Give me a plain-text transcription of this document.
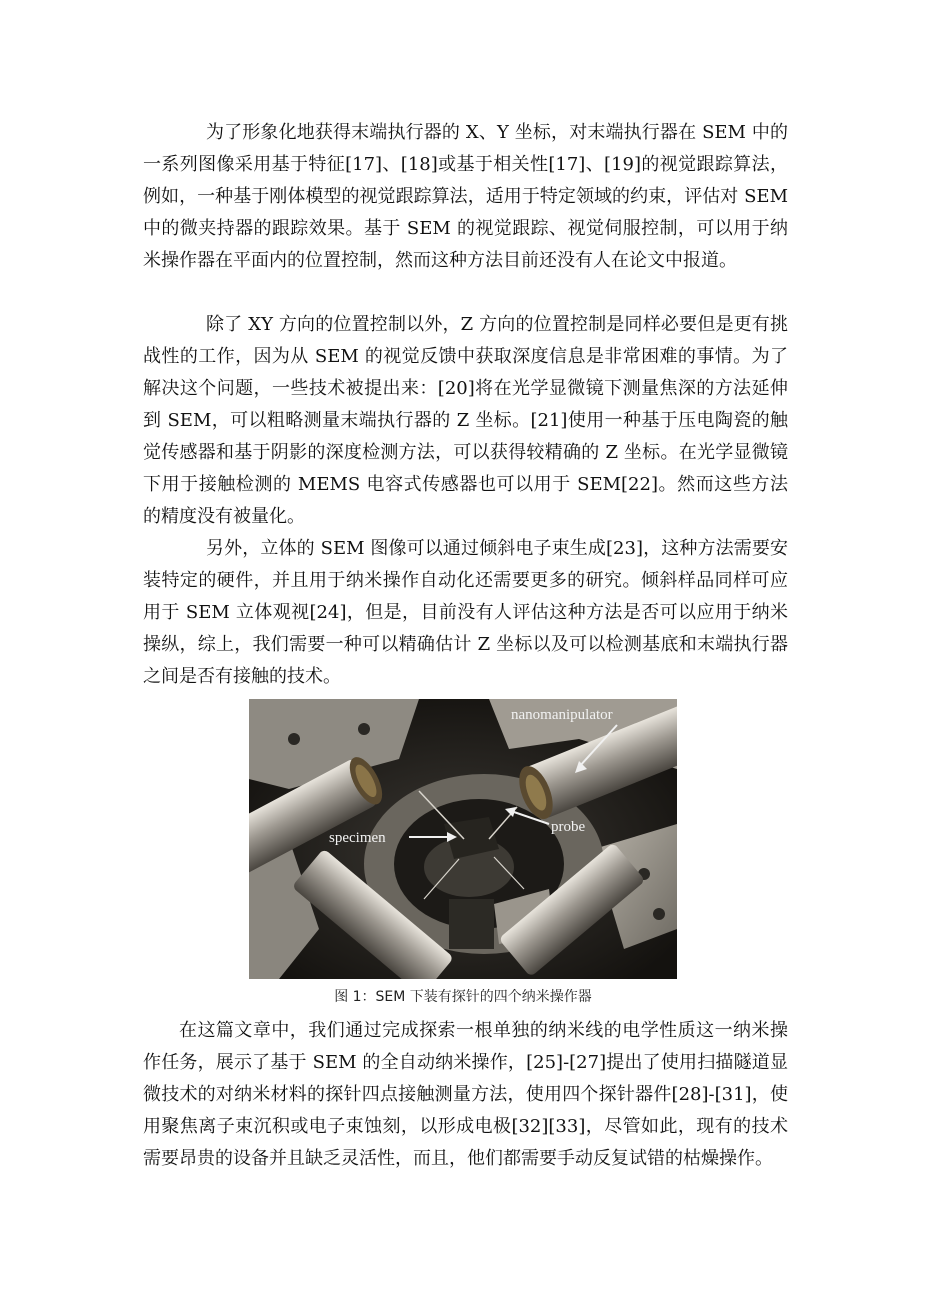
为了形象化地获得末端执行器的 X、Y 坐标，对末端执行器在 SEM 中的一系列图像采用基于特征[17]、[18]或基于相关性[17]、[19]的视觉跟踪算法，例如，一种基于刚体模型的视觉跟踪算法，适用于特定领域的约束，评估对 SEM 中的微夹持器的跟踪效果。基于 SEM 的视觉跟踪、视觉伺服控制，可以用于纳米操作器在平面内的位置控制，然而这种方法目前还没有人在论文中报道。

除了 XY 方向的位置控制以外，Z 方向的位置控制是同样必要但是更有挑战性的工作，因为从 SEM 的视觉反馈中获取深度信息是非常困难的事情。为了解决这个问题，一些技术被提出来：[20]将在光学显微镜下测量焦深的方法延伸到 SEM，可以粗略测量末端执行器的 Z 坐标。[21]使用一种基于压电陶瓷的触觉传感器和基于阴影的深度检测方法，可以获得较精确的 Z 坐标。在光学显微镜下用于接触检测的 MEMS 电容式传感器也可以用于 SEM[22]。然而这些方法的精度没有被量化。

另外，立体的 SEM 图像可以通过倾斜电子束生成[23]，这种方法需要安装特定的硬件，并且用于纳米操作自动化还需要更多的研究。倾斜样品同样可应用于 SEM 立体观视[24]，但是，目前没有人评估这种方法是否可以应用于纳米操纵，综上，我们需要一种可以精确估计 Z 坐标以及可以检测基底和末端执行器之间是否有接触的技术。

nanomanipulator
specimen
probe
图 1：SEM 下装有探针的四个纳米操作器

在这篇文章中，我们通过完成探索一根单独的纳米线的电学性质这一纳米操作任务，展示了基于 SEM 的全自动纳米操作，[25]-[27]提出了使用扫描隧道显微技术的对纳米材料的探针四点接触测量方法，使用四个探针器件[28]-[31]，使用聚焦离子束沉积或电子束蚀刻，以形成电极[32][33]，尽管如此，现有的技术需要昂贵的设备并且缺乏灵活性，而且，他们都需要手动反复试错的枯燥操作。
